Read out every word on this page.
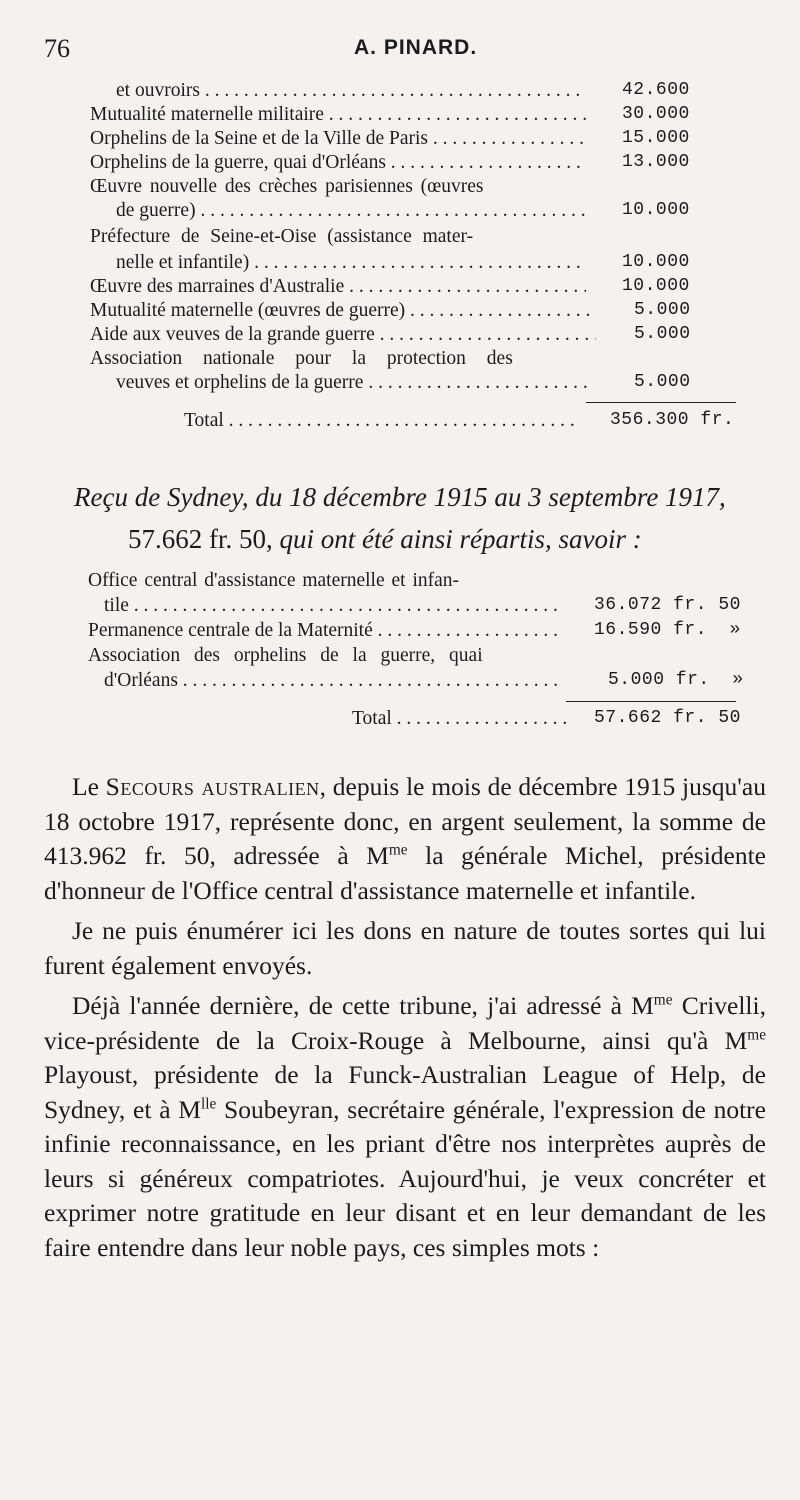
76	A. PINARD.
et ouvroirs . . .	42.600
Mutualité maternelle militaire . . .	30.000
Orphelins de la Seine et de la Ville de Paris . . .	15.000
Orphelins de la guerre, quai d'Orléans . . .	13.000
Œuvre nouvelle des crèches parisiennes (œuvres
de guerre) . . .	10.000
Préfecture de Seine-et-Oise (assistance mater-
nelle et infantile) . . .	10.000
Œuvre des marraines d'Australie . . .	10.000
Mutualité maternelle (œuvres de guerre) . . .	5.000
Aide aux veuves de la grande guerre . . .	5.000
Association nationale pour la protection des
veuves et orphelins de la guerre . . .	5.000
Total . . .	356.300 fr.
Reçu de Sydney, du 18 décembre 1915 au 3 septembre 1917,
57.662 fr. 50, qui ont été ainsi répartis, savoir :
Office central d'assistance maternelle et infan-
tile . . .	36.072 fr. 50
Permanence centrale de la Maternité . . .	16.590 fr.  »
Association des orphelins de la guerre, quai
d'Orléans . . .	5.000 fr.  »
Total . . .	57.662 fr. 50

Le Secours australien, depuis le mois de décembre 1915 jusqu'au 18 octobre 1917, représente donc, en argent seulement, la somme de 413.962 fr. 50, adressée à $M^{me}$ la générale Michel, présidente d'honneur de l'Office central d'assistance maternelle et infantile.

Je ne puis énumérer ici les dons en nature de toutes sortes qui lui furent également envoyés.

Déjà l'année dernière, de cette tribune, j'ai adressé à $M^{me}$ Crivelli, vice-présidente de la Croix-Rouge à Melbourne, ainsi qu'à $M^{me}$ Playoust, présidente de la Funck-Australian League of Help, de Sydney, et à $M^{lle}$ Soubeyran, secrétaire générale, l'expression de notre infinie reconnaissance, en les priant d'être nos interprètes auprès de leurs si généreux compatriotes. Aujourd'hui, je veux concréter et exprimer notre gratitude en leur disant et en leur demandant de les faire entendre dans leur noble pays, ces simples mots :
